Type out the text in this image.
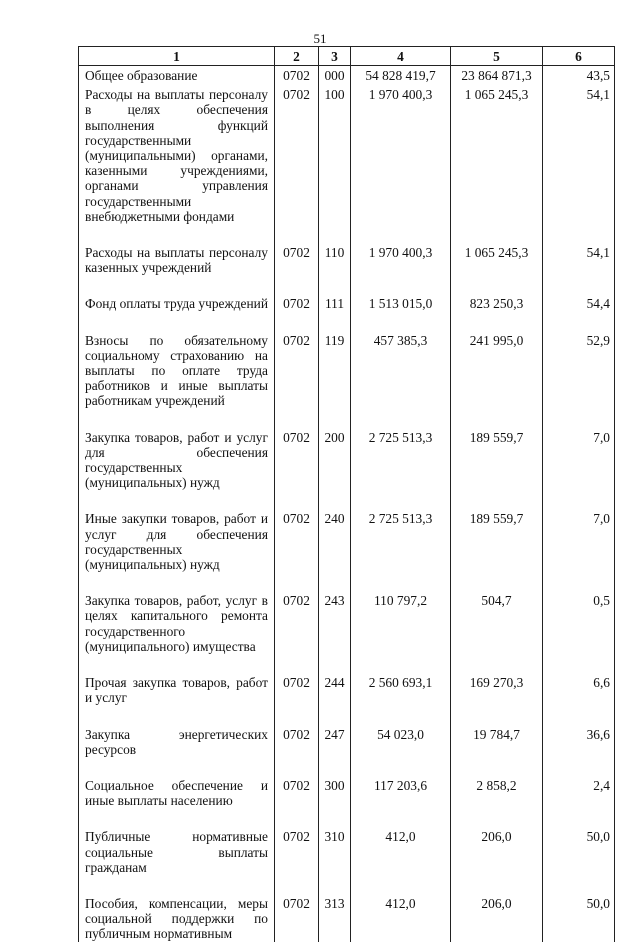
51
1	2	3	4	5	6
Общее образование	0702	000	54 828 419,7	23 864 871,3	43,5
Расходы на выплаты персоналу в целях обеспечения выполнения функций государственными (муниципальными) органами, казенными учреждениями, органами управления государственными внебюджетными фондами	0702	100	1 970 400,3	1 065 245,3	54,1
Расходы на выплаты персоналу казенных учреждений	0702	110	1 970 400,3	1 065 245,3	54,1
Фонд оплаты труда учреждений	0702	111	1 513 015,0	823 250,3	54,4
Взносы по обязательному социальному страхованию на выплаты по оплате труда работников и иные выплаты работникам учреждений	0702	119	457 385,3	241 995,0	52,9
Закупка товаров, работ и услуг для обеспечения государственных (муниципальных) нужд	0702	200	2 725 513,3	189 559,7	7,0
Иные закупки товаров, работ и услуг для обеспечения государственных (муниципальных) нужд	0702	240	2 725 513,3	189 559,7	7,0
Закупка товаров, работ, услуг в целях капитального ремонта государственного (муниципального) имущества	0702	243	110 797,2	504,7	0,5
Прочая закупка товаров, работ и услуг	0702	244	2 560 693,1	169 270,3	6,6
Закупка энергетических ресурсов	0702	247	54 023,0	19 784,7	36,6
Социальное обеспечение и иные выплаты населению	0702	300	117 203,6	2 858,2	2,4
Публичные нормативные социальные выплаты гражданам	0702	310	412,0	206,0	50,0
Пособия, компенсации, меры социальной поддержки по публичным нормативным	0702	313	412,0	206,0	50,0
